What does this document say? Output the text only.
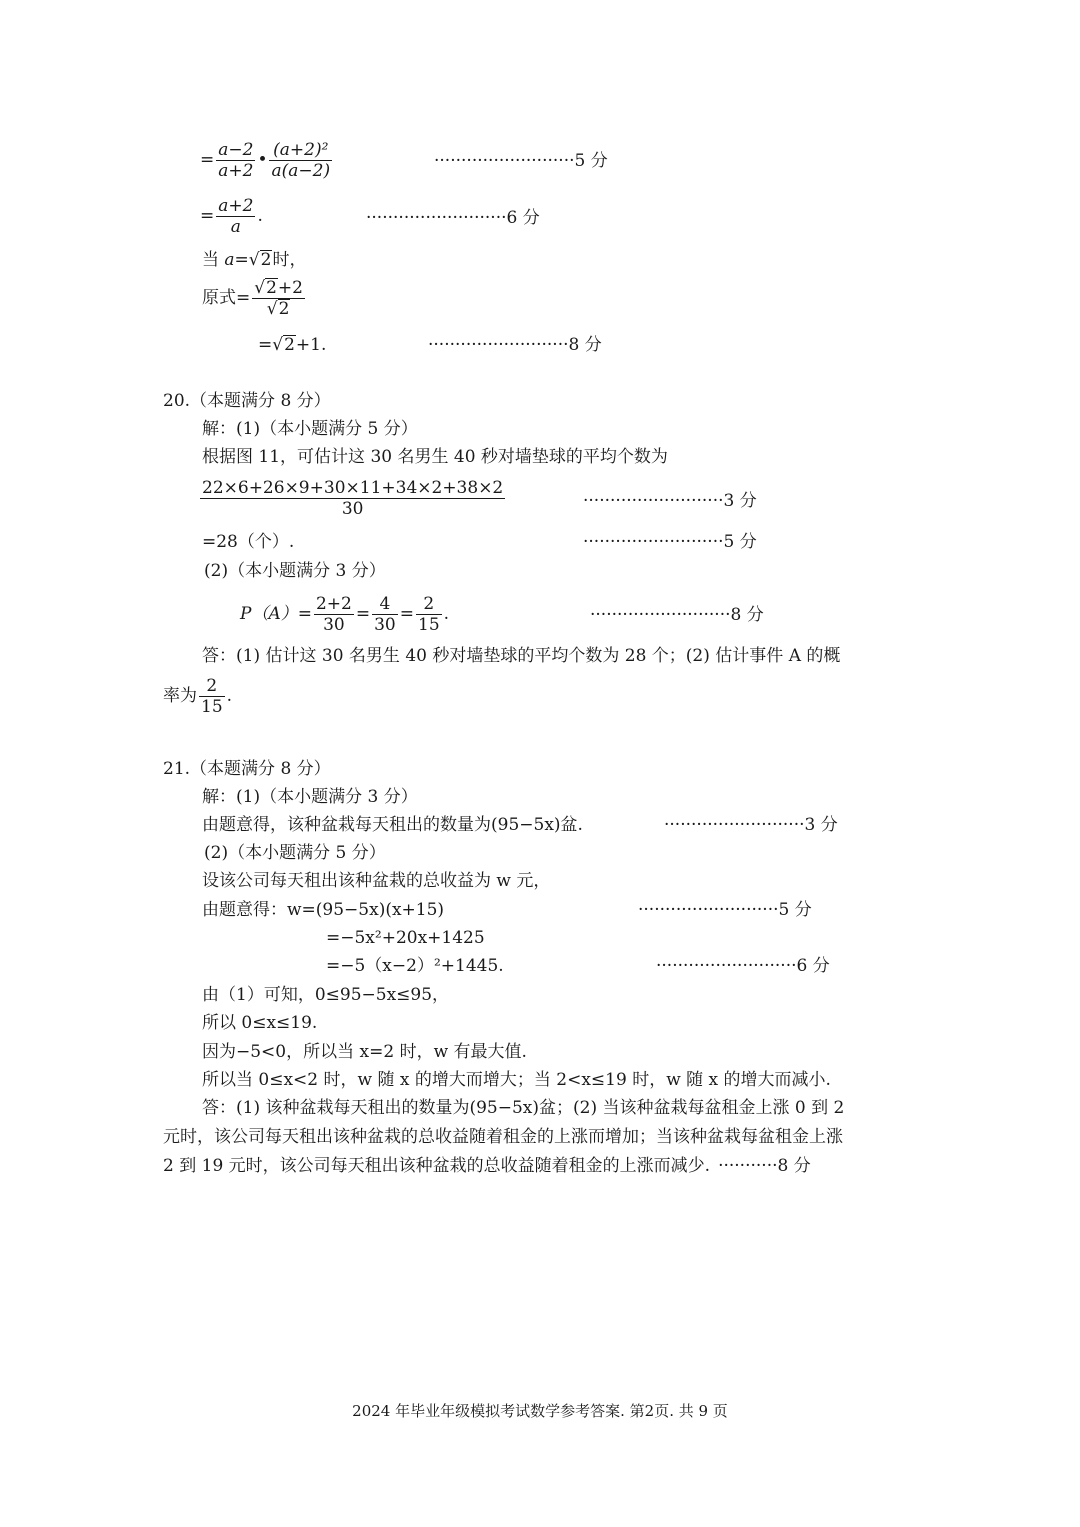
= $\frac{a-2}{a+2}$ • $\frac{\text{(a+2)²}}{a(a-2)}$	··························5 分
= $\frac{a+2}{a}$ .	··························6 分
当 a=√2时，
原式= $\frac{√2+2}{√2}$
=√2+1.	··························8 分
20.（本题满分 8 分）
解：(1)（本小题满分 5 分）
根据图 11，可估计这 30 名男生 40 秒对墙垫球的平均个数为
$\frac{22\times 6+26\times 9+30\times 11+34\times 2+38\times 2}{30}$	··························3 分
=28（个）.	··························5 分
(2)（本小题满分 3 分）
$P(A)= \frac{2+2}{30} = \frac{4}{30} = \frac{2}{15}$ .	··························8 分
答：(1) 估计这 30 名男生 40 秒对墙垫球的平均个数为 28 个；(2) 估计事件 A 的概
率为 $\frac{2}{15}$ .
21.（本题满分 8 分）
解：(1)（本小题满分 3 分）
由题意得，该种盆栽每天租出的数量为(95−5x)盆.	··························3 分
(2)（本小题满分 5 分）
设该公司每天租出该种盆栽的总收益为 w 元，
由题意得：w=(95−5x)(x+15)	··························5 分
=−5x²+20x+1425
=−5（x−2）²+1445.	··························6 分
由（1）可知，0≤95−5x≤95，
所以 0≤x≤19.
因为−5<0，所以当 x=2 时，w 有最大值.
所以当 0≤x<2 时，w 随 x 的增大而增大；当 2<x≤19 时，w 随 x 的增大而减小.
答：(1) 该种盆栽每天租出的数量为(95−5x)盆；(2) 当该种盆栽每盆租金上涨 0 到 2
元时，该公司每天租出该种盆栽的总收益随着租金的上涨而增加；当该种盆栽每盆租金上涨
2 到 19 元时，该公司每天租出该种盆栽的总收益随着租金的上涨而减少. ···········8 分
2024 年毕业年级模拟考试数学参考答案. 第2页. 共 9 页
